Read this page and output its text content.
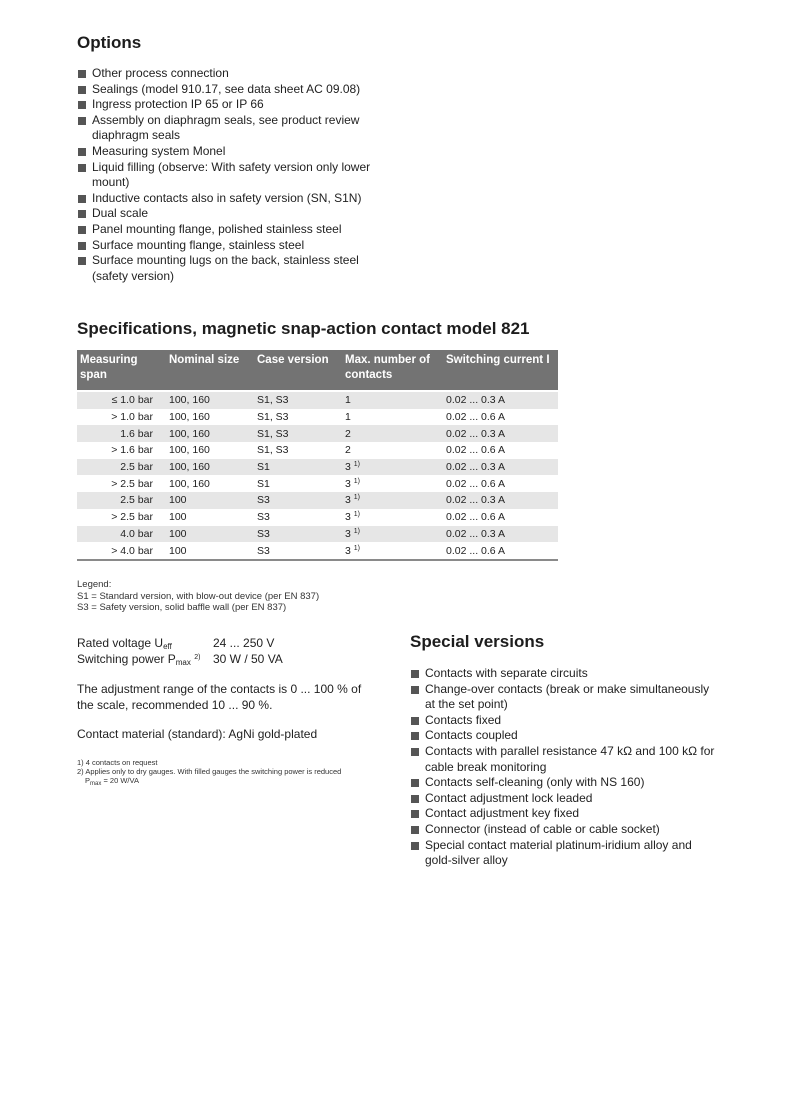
Options
Other process connection
Sealings (model 910.17, see data sheet AC 09.08)
Ingress protection IP 65 or IP 66
Assembly on diaphragm seals, see product review diaphragm seals
Measuring system Monel
Liquid filling (observe: With safety version only lower mount)
Inductive contacts also in safety version (SN, S1N)
Dual scale
Panel mounting flange, polished stainless steel
Surface mounting flange, stainless steel
Surface mounting lugs on the back, stainless steel (safety version)
Specifications, magnetic snap-action contact model 821
Measuring span	Nominal size	Case version	Max. number of contacts	Switching current I
≤ 1.0 bar	100, 160	S1, S3	1	0.02 ... 0.3 A
> 1.0 bar	100, 160	S1, S3	1	0.02 ... 0.6 A
1.6 bar	100, 160	S1, S3	2	0.02 ... 0.3 A
> 1.6 bar	100, 160	S1, S3	2	0.02 ... 0.6 A
2.5 bar	100, 160	S1	3 $^{1)}$	0.02 ... 0.3 A
> 2.5 bar	100, 160	S1	3 $^{1)}$	0.02 ... 0.6 A
2.5 bar	100	S3	3 $^{1)}$	0.02 ... 0.3 A
> 2.5 bar	100	S3	3 $^{1)}$	0.02 ... 0.6 A
4.0 bar	100	S3	3 $^{1)}$	0.02 ... 0.3 A
> 4.0 bar	100	S3	3 $^{1)}$	0.02 ... 0.6 A
Legend:
S1 = Standard version, with blow-out device (per EN 837)
S3 = Safety version, solid baffle wall (per EN 837)
Rated voltage $U_{eff}$	24 ... 250 V
Switching power $P_{max}$ $^{2)}$ 30 W / 50 VA
The adjustment range of the contacts is 0 ... 100 % of the scale, recommended 10 ... 90 %.
Contact material (standard): AgNi gold-plated
1) 4 contacts on request
2) Applies only to dry gauges. With filled gauges the switching power is reduced
$P_{max} = 20$ W/VA
Special versions
Contacts with separate circuits
Change-over contacts (break or make simultaneously at the set point)
Contacts fixed
Contacts coupled
Contacts with parallel resistance 47 kΩ and 100 kΩ for cable break monitoring
Contacts self-cleaning (only with NS 160)
Contact adjustment lock leaded
Contact adjustment key fixed
Connector (instead of cable or cable socket)
Special contact material platinum-iridium alloy and gold-silver alloy
